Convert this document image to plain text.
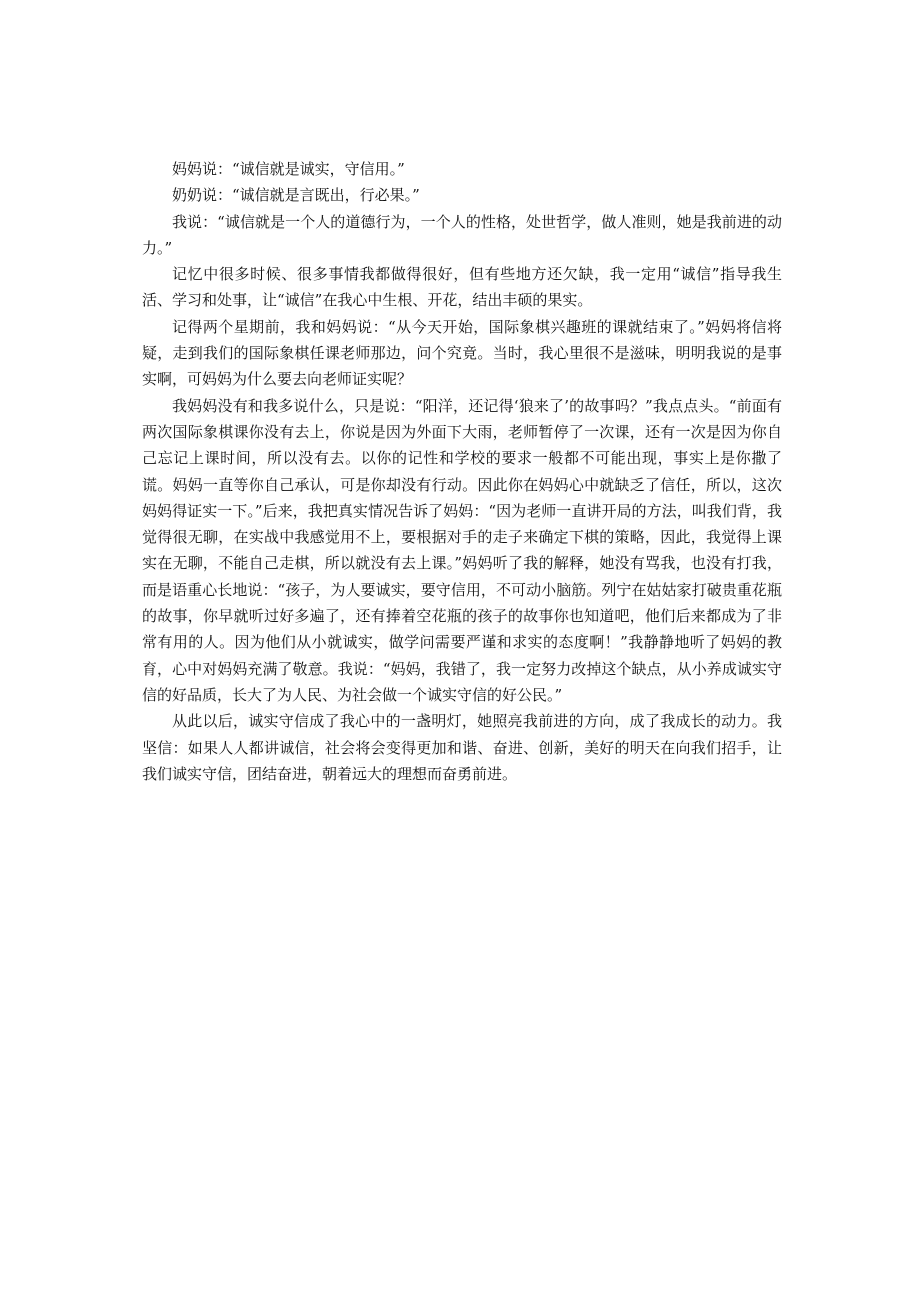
妈妈说：“诚信就是诚实，守信用。”

奶奶说：“诚信就是言既出，行必果。”

我说：“诚信就是一个人的道德行为，一个人的性格，处世哲学，做人准则，她是我前进的动力。”

记忆中很多时候、很多事情我都做得很好，但有些地方还欠缺，我一定用“诚信”指导我生活、学习和处事，让“诚信”在我心中生根、开花，结出丰硕的果实。

记得两个星期前，我和妈妈说：“从今天开始，国际象棋兴趣班的课就结束了。”妈妈将信将疑，走到我们的国际象棋任课老师那边，问个究竟。当时，我心里很不是滋味，明明我说的是事实啊，可妈妈为什么要去向老师证实呢？

我妈妈没有和我多说什么，只是说：“阳洋，还记得‘狼来了’的故事吗？”我点点头。“前面有两次国际象棋课你没有去上，你说是因为外面下大雨，老师暂停了一次课，还有一次是因为你自己忘记上课时间，所以没有去。以你的记性和学校的要求一般都不可能出现，事实上是你撒了谎。妈妈一直等你自己承认，可是你却没有行动。因此你在妈妈心中就缺乏了信任，所以，这次妈妈得证实一下。”后来，我把真实情况告诉了妈妈：“因为老师一直讲开局的方法，叫我们背，我觉得很无聊，在实战中我感觉用不上，要根据对手的走子来确定下棋的策略，因此，我觉得上课实在无聊，不能自己走棋，所以就没有去上课。”妈妈听了我的解释，她没有骂我，也没有打我，而是语重心长地说：“孩子，为人要诚实，要守信用，不可动小脑筋。列宁在姑姑家打破贵重花瓶的故事，你早就听过好多遍了，还有捧着空花瓶的孩子的故事你也知道吧，他们后来都成为了非常有用的人。因为他们从小就诚实，做学问需要严谨和求实的态度啊！”我静静地听了妈妈的教育，心中对妈妈充满了敬意。我说：“妈妈，我错了，我一定努力改掉这个缺点，从小养成诚实守信的好品质，长大了为人民、为社会做一个诚实守信的好公民。”

从此以后，诚实守信成了我心中的一盏明灯，她照亮我前进的方向，成了我成长的动力。我坚信：如果人人都讲诚信，社会将会变得更加和谐、奋进、创新，美好的明天在向我们招手，让我们诚实守信，团结奋进，朝着远大的理想而奋勇前进。
